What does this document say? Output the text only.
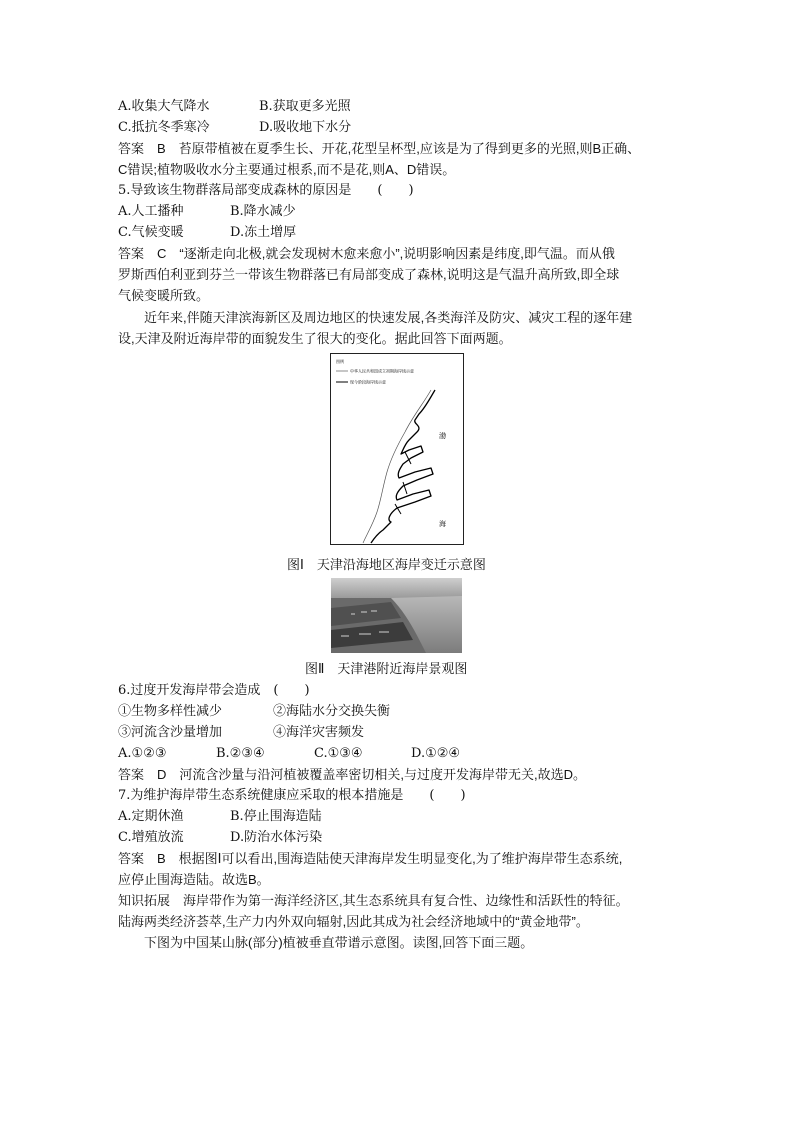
A.收集大气降水	B.获取更多光照
C.抵抗冬季寒冷	D.吸收地下水分
答案　B　苔原带植被在夏季生长、开花,花型呈杯型,应该是为了得到更多的光照,则B正确、
C错误;植物吸收水分主要通过根系,而不是花,则A、D错误。
5.导致该生物群落局部变成森林的原因是　　(　　)
A.人工播种	B.降水减少
C.气候变暖	D.冻土增厚
答案　C　“逐渐走向北极,就会发现树木愈来愈小”,说明影响因素是纬度,即气温。而从俄
罗斯西伯利亚到芬兰一带该生物群落已有局部变成了森林,说明这是气温升高所致,即全球
气候变暖所致。
　　近年来,伴随天津滨海新区及周边地区的快速发展,各类海洋及防灾、减灾工程的逐年建
设,天津及附近海岸带的面貌发生了很大的变化。据此回答下面两题。
图例
中华人民共和国成立初期海岸线示意
现今阶段海岸线示意
渤
海
图Ⅰ　天津沿海地区海岸变迁示意图
图Ⅱ　天津港附近海岸景观图
6.过度开发海岸带会造成　(　　)
①生物多样性减少	②海陆水分交换失衡
③河流含沙量增加	④海洋灾害频发
A.①②③	B.②③④	C.①③④	D.①②④
答案　D　河流含沙量与沿河植被覆盖率密切相关,与过度开发海岸带无关,故选D。
7.为维护海岸带生态系统健康应采取的根本措施是　　(　　)
A.定期休渔	B.停止围海造陆
C.增殖放流	D.防治水体污染
答案　B　根据图Ⅰ可以看出,围海造陆使天津海岸发生明显变化,为了维护海岸带生态系统,
应停止围海造陆。故选B。
知识拓展　海岸带作为第一海洋经济区,其生态系统具有复合性、边缘性和活跃性的特征。
陆海两类经济荟萃,生产力内外双向辐射,因此其成为社会经济地域中的“黄金地带”。
　　下图为中国某山脉(部分)植被垂直带谱示意图。读图,回答下面三题。
